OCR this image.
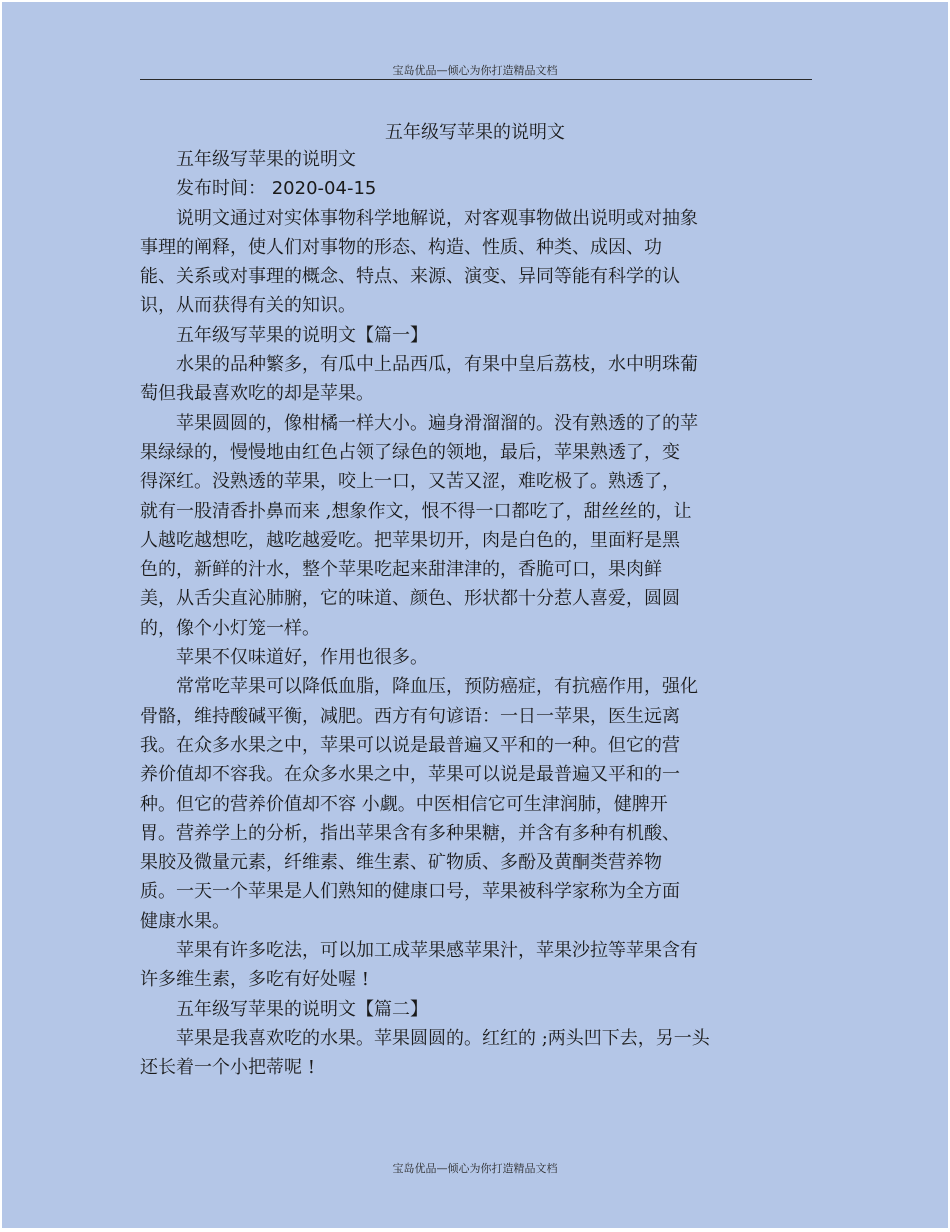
宝岛优品—倾心为你打造精品文档
五年级写苹果的说明文
五年级写苹果的说明文
发布时间： 2020-04-15
说明文通过对实体事物科学地解说，对客观事物做出说明或对抽象
事理的阐释，使人们对事物的形态、构造、性质、种类、成因、功
能、关系或对事理的概念、特点、来源、演变、异同等能有科学的认
识，从而获得有关的知识。
五年级写苹果的说明文【篇一】
水果的品种繁多，有瓜中上品西瓜，有果中皇后荔枝，水中明珠葡
萄但我最喜欢吃的却是苹果。
苹果圆圆的，像柑橘一样大小。遍身滑溜溜的。没有熟透的了的苹
果绿绿的，慢慢地由红色占领了绿色的领地，最后，苹果熟透了，变
得深红。没熟透的苹果，咬上一口，又苦又涩，难吃极了。熟透了，
就有一股清香扑鼻而来 ,想象作文，恨不得一口都吃了，甜丝丝的，让
人越吃越想吃，越吃越爱吃。把苹果切开，肉是白色的，里面籽是黑
色的，新鲜的汁水，整个苹果吃起来甜津津的，香脆可口，果肉鲜
美，从舌尖直沁肺腑，它的味道、颜色、形状都十分惹人喜爱，圆圆
的，像个小灯笼一样。
苹果不仅味道好，作用也很多。
常常吃苹果可以降低血脂，降血压，预防癌症，有抗癌作用，强化
骨骼，维持酸碱平衡，减肥。西方有句谚语：一日一苹果，医生远离
我。在众多水果之中，苹果可以说是最普遍又平和的一种。但它的营
养价值却不容我。在众多水果之中，苹果可以说是最普遍又平和的一
种。但它的营养价值却不容 小觑。中医相信它可生津润肺，健脾开
胃。营养学上的分析，指出苹果含有多种果糖，并含有多种有机酸、
果胶及微量元素，纤维素、维生素、矿物质、多酚及黄酮类营养物
质。一天一个苹果是人们熟知的健康口号，苹果被科学家称为全方面
健康水果。
苹果有许多吃法，可以加工成苹果感苹果汁，苹果沙拉等苹果含有
许多维生素，多吃有好处喔 !
五年级写苹果的说明文【篇二】
苹果是我喜欢吃的水果。苹果圆圆的。红红的 ;两头凹下去，另一头
还长着一个小把蒂呢 !
宝岛优品—倾心为你打造精品文档
